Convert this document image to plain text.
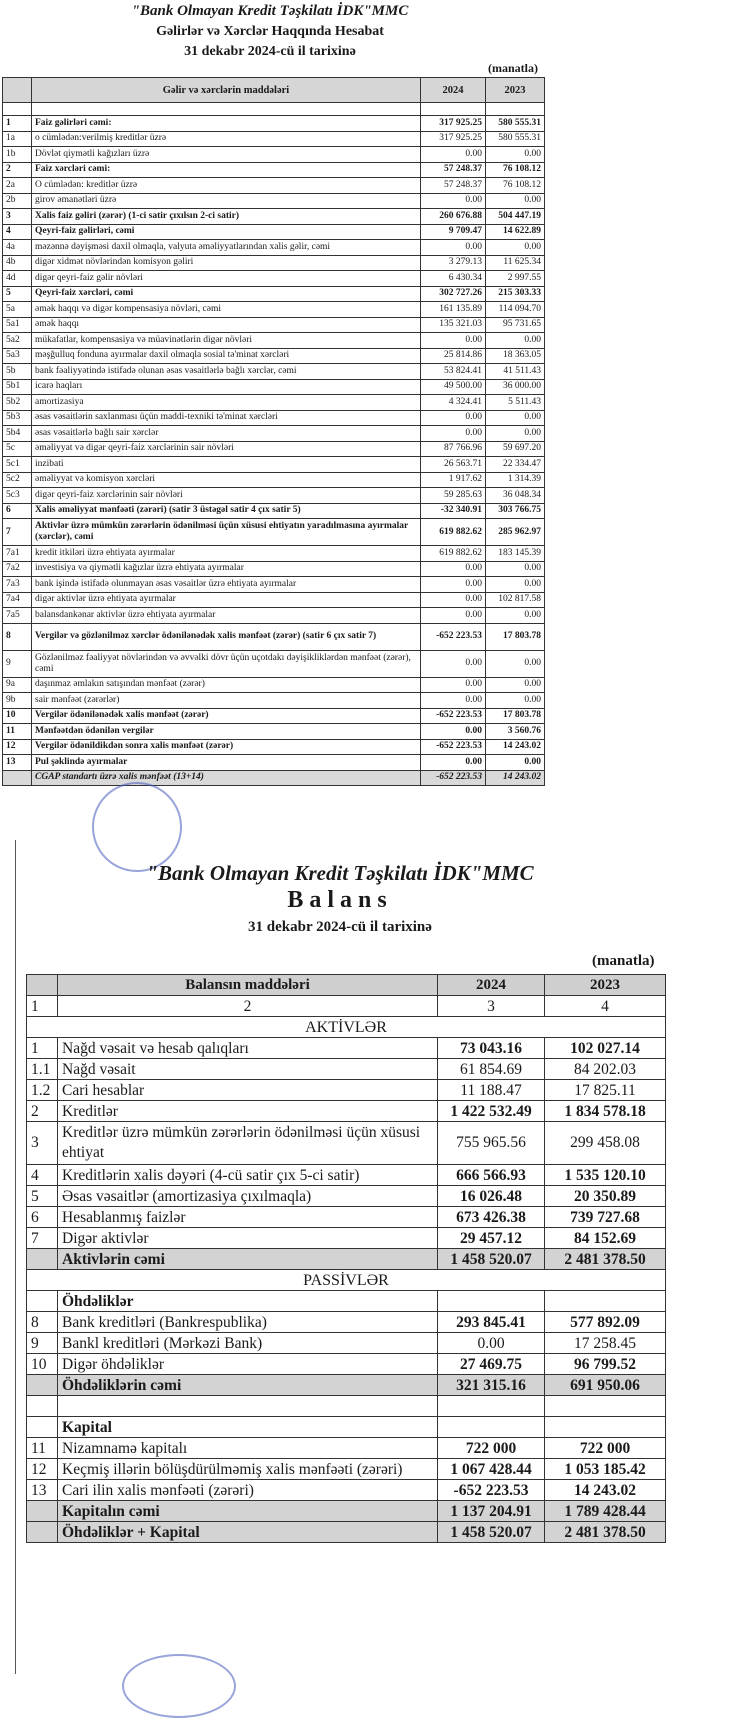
"Bank Olmayan Kredit Təşkilatı İDK"MMC
Gəlirlər və Xərclər Haqqında Hesabat
31 dekabr 2024-cü il tarixinə
(manatla)
	Gəlir və xərclərin maddələri	2024	2023

1	Faiz gəlirləri cəmi:	317 925.25	580 555.31
1a	o cümlədən:verilmiş kreditlər üzrə	317 925.25	580 555.31
1b	Dövlət qiymətli kağızları üzrə	0.00	0.00
2	Faiz xərcləri cəmi:	57 248.37	76 108.12
2a	O cümlədən: kreditlər üzrə	57 248.37	76 108.12
2b	girov əmanətləri üzrə	0.00	0.00
3	Xalis faiz gəliri (zərər) (1-ci satir çıxılsın 2-ci satir)	260 676.88	504 447.19
4	Qeyri-faiz gəlirləri, cəmi	9 709.47	14 622.89
4a	məzənnə dəyişməsi daxil olmaqla, valyuta əməliyyatlarından xalis gəlir, cəmi	0.00	0.00
4b	digər xidmət növlərindən komisyon gəliri	3 279.13	11 625.34
4d	digər qeyri-faiz gəlir növləri	6 430.34	2 997.55
5	Qeyri-faiz xərcləri, cəmi	302 727.26	215 303.33
5a	əmək haqqı və digər kompensasiya növləri, cəmi	161 135.89	114 094.70
5a1	əmək haqqı	135 321.03	95 731.65
5a2	mükafatlar, kompensasiya və müavinətlərin digər növləri	0.00	0.00
5a3	məşğulluq fonduna ayırmalar daxil olmaqla sosial tə'minat xərcləri	25 814.86	18 363.05
5b	bank fəaliyyətində istifadə olunan əsas vəsaitlərlə bağlı xərclər, cəmi	53 824.41	41 511.43
5b1	icarə haqları	49 500.00	36 000.00
5b2	amortizasiya	4 324.41	5 511.43
5b3	əsas vəsaitlərin saxlanması üçün maddi-texniki tə'minat xərcləri	0.00	0.00
5b4	əsas vəsaitlərlə bağlı sair xərclər	0.00	0.00
5c	əməliyyat və digər qeyri-faiz xərclərinin sair növləri	87 766.96	59 697.20
5c1	inzibati	26 563.71	22 334.47
5c2	əməliyyat və komisyon xərcləri	1 917.62	1 314.39
5c3	digər qeyri-faiz xərclərinin sair növləri	59 285.63	36 048.34
6	Xalis əməliyyat mənfəəti (zərəri) (satir 3 üstəgəl satir 4 çıx satir 5)	-32 340.91	303 766.75
7	Aktivlər üzrə mümkün zərərlərin ödənilməsi üçün xüsusi ehtiyatın yaradılmasına ayırmalar (xərclər), cəmi	619 882.62	285 962.97
7a1	kredit itkiləri üzrə ehtiyata ayırmalar	619 882.62	183 145.39
7a2	investisiya və qiymətli kağızlar üzrə ehtiyata ayırmalar	0.00	0.00
7a3	bank işində istifadə olunmayan əsas vəsaitlər üzrə ehtiyata ayırmalar	0.00	0.00
7a4	digər aktivlər üzrə ehtiyata ayırmalar	0.00	102 817.58
7a5	balansdankənar aktivlər üzrə ehtiyata ayırmalar	0.00	0.00
8	Vergilər və gözlənilməz xərclər ödənilənədək xalis mənfəət (zərər) (satir 6 çıx satir 7)	-652 223.53	17 803.78
9	Gözlənilməz fəaliyyət növlərindən və əvvəlki dövr üçün uçotdakı dəyişikliklərdən mənfəət (zərər), cəmi	0.00	0.00
9a	daşınmaz əmlakın satışından mənfəət (zərər)	0.00	0.00
9b	sair mənfəət (zərərlər)	0.00	0.00
10	Vergilər ödənilənədək xalis mənfəət (zərər)	-652 223.53	17 803.78
11	Mənfəətdən ödənilən vergilər	0.00	3 560.76
12	Vergilər ödənildikdən sonra xalis mənfəət (zərər)	-652 223.53	14 243.02
13	Pul şəklində ayırmalar	0.00	0.00
	CGAP standartı üzrə xalis mənfəət (13+14)	-652 223.53	14 243.02
"Bank Olmayan Kredit Təşkilatı İDK"MMC
Balans
31 dekabr 2024-cü il tarixinə
(manatla)
	Balansın maddələri	2024	2023
1	2	3	4
AKTİVLƏR			
1	Nağd vəsait və hesab qalıqları	73 043.16	102 027.14
1.1	Nağd vəsait	61 854.69	84 202.03
1.2	Cari hesablar	11 188.47	17 825.11
2	Kreditlər	1 422 532.49	1 834 578.18
3	Kreditlər üzrə mümkün zərərlərin ödənilməsi üçün xüsusi ehtiyat	755 965.56	299 458.08
4	Kreditlərin xalis dəyəri (4-cü satir çıx 5-ci satir)	666 566.93	1 535 120.10
5	Əsas vəsaitlər (amortizasiya çıxılmaqla)	16 026.48	20 350.89
6	Hesablanmış faizlər	673 426.38	739 727.68
7	Digər aktivlər	29 457.12	84 152.69
	Aktivlərin cəmi	1 458 520.07	2 481 378.50
PASSİVLƏR			
	Öhdəliklər		
8	Bank kreditləri (Bankrespublika)	293 845.41	577 892.09
9	Bankl kreditləri (Mərkəzi Bank)	0.00	17 258.45
10	Digər öhdəliklər	27 469.75	96 799.52
	Öhdəliklərin cəmi	321 315.16	691 950.06

	Kapital		
11	Nizamnamə kapitalı	722 000	722 000
12	Keçmiş illərin bölüşdürülməmiş xalis mənfəəti (zərəri)	1 067 428.44	1 053 185.42
13	Cari ilin xalis mənfəəti (zərəri)	-652 223.53	14 243.02
	Kapitalın cəmi	1 137 204.91	1 789 428.44
	Öhdəliklər + Kapital	1 458 520.07	2 481 378.50
